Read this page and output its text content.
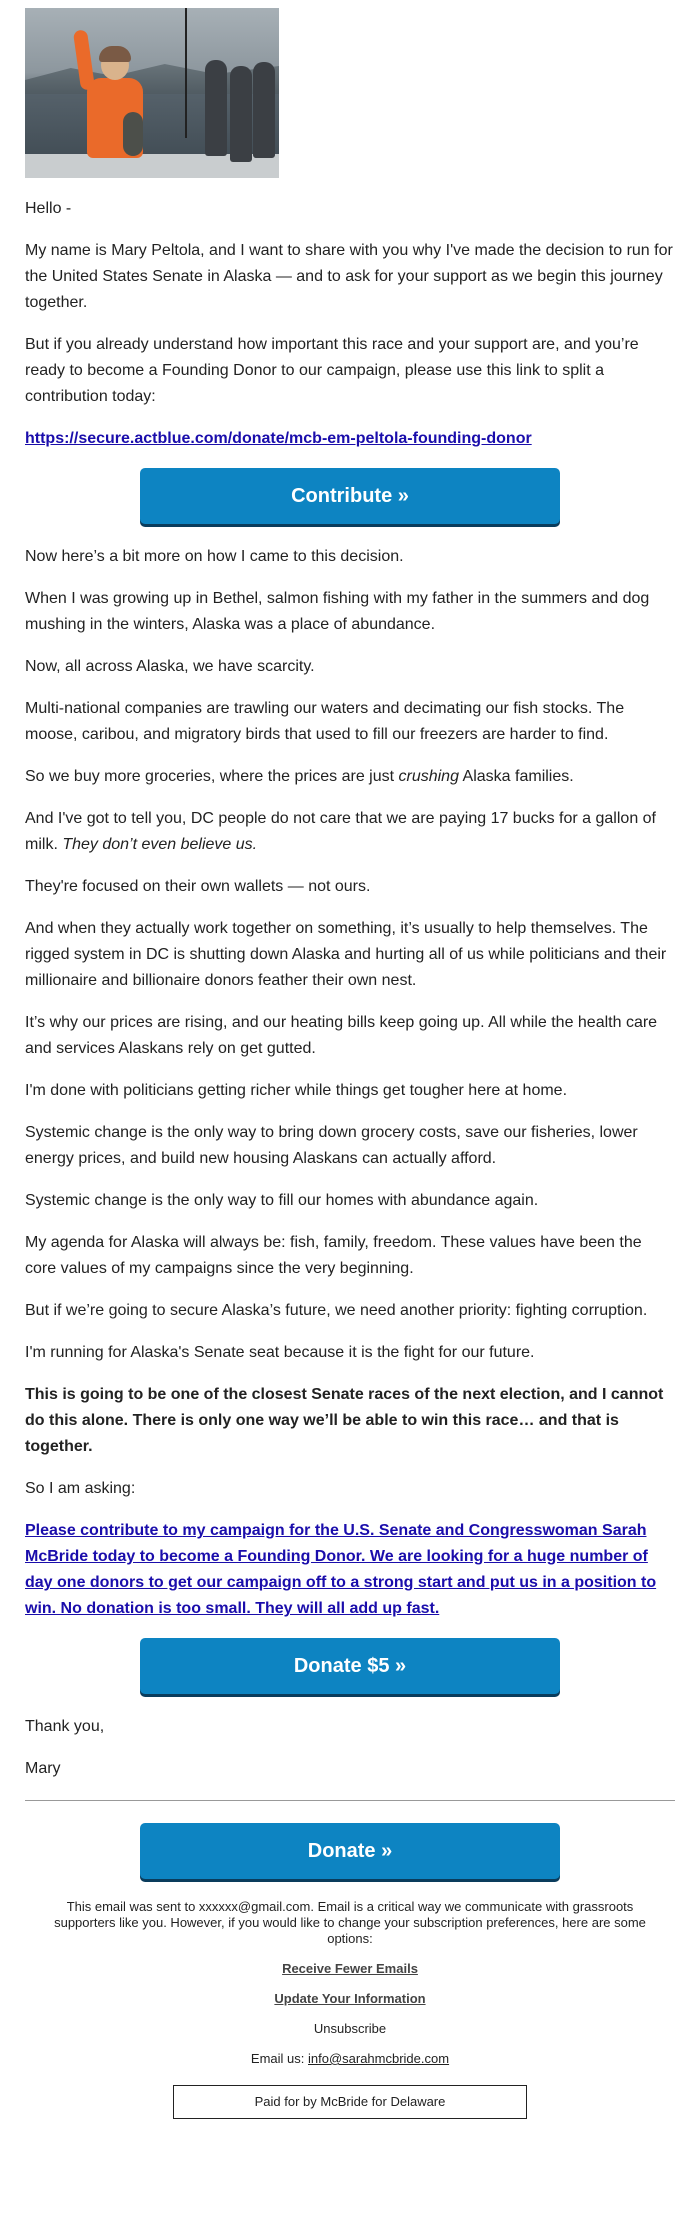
Hello -

My name is Mary Peltola, and I want to share with you why I've made the decision to run for the United States Senate in Alaska — and to ask for your support as we begin this journey together.

But if you already understand how important this race and your support are, and you’re ready to become a Founding Donor to our campaign, please use this link to split a contribution today:

https://secure.actblue.com/donate/mcb-em-peltola-founding-donor

Contribute »

Now here’s a bit more on how I came to this decision.

When I was growing up in Bethel, salmon fishing with my father in the summers and dog mushing in the winters, Alaska was a place of abundance.

Now, all across Alaska, we have scarcity.

Multi-national companies are trawling our waters and decimating our fish stocks. The moose, caribou, and migratory birds that used to fill our freezers are harder to find.

So we buy more groceries, where the prices are just crushing Alaska families.

And I've got to tell you, DC people do not care that we are paying 17 bucks for a gallon of milk. They don’t even believe us.

They're focused on their own wallets — not ours.

And when they actually work together on something, it’s usually to help themselves. The rigged system in DC is shutting down Alaska and hurting all of us while politicians and their millionaire and billionaire donors feather their own nest.

It’s why our prices are rising, and our heating bills keep going up. All while the health care and services Alaskans rely on get gutted.

I'm done with politicians getting richer while things get tougher here at home.

Systemic change is the only way to bring down grocery costs, save our fisheries, lower energy prices, and build new housing Alaskans can actually afford.

Systemic change is the only way to fill our homes with abundance again.

My agenda for Alaska will always be: fish, family, freedom. These values have been the core values of my campaigns since the very beginning.

But if we’re going to secure Alaska’s future, we need another priority: fighting corruption.

I'm running for Alaska's Senate seat because it is the fight for our future.

This is going to be one of the closest Senate races of the next election, and I cannot do this alone. There is only one way we’ll be able to win this race… and that is together.

So I am asking:

Please contribute to my campaign for the U.S. Senate and Congresswoman Sarah McBride today to become a Founding Donor. We are looking for a huge number of day one donors to get our campaign off to a strong start and put us in a position to win. No donation is too small. They will all add up fast.

Donate $5 »

Thank you,

Mary

Donate »

This email was sent to xxxxxx@gmail.com. Email is a critical way we communicate with grassroots supporters like you. However, if you would like to change your subscription preferences, here are some options:

Receive Fewer Emails

Update Your Information

Unsubscribe

Email us: info@sarahmcbride.com

Paid for by McBride for Delaware
